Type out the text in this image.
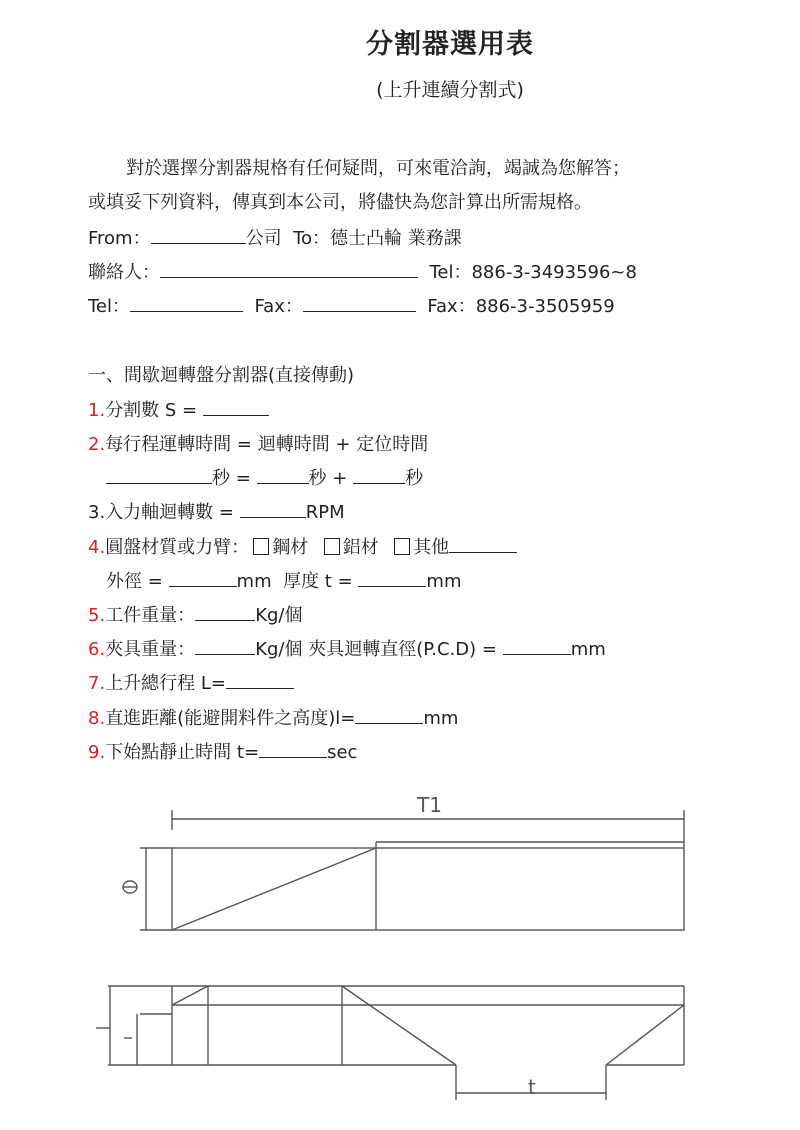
分割器選用表
(上升連續分割式)
對於選擇分割器規格有任何疑問，可來電洽詢，竭誠為您解答；
或填妥下列資料，傳真到本公司，將儘快為您計算出所需規格。
From：	公司 To：德士凸輪 業務課
聯絡人：	Tel：886-3-3493596~8
Tel：	Fax：	Fax：886-3-3505959
一、間歇迴轉盤分割器(直接傳動)
1.分割數 S =
2.每行程運轉時間 = 迴轉時間 + 定位時間
秒 =	秒 +	秒
3.入力軸迴轉數 =	RPM
4.圓盤材質或力臂： 鋼材 鋁材 其他
外徑 =	mm 厚度 t =	mm
5.工件重量：	Kg/個
6.夾具重量：	Kg/個 夾具迴轉直徑(P.C.D) =	mm
7.上升總行程 L=
8.直進距離(能避開料件之高度)l=	mm
9.下始點靜止時間 t=	sec
T1
t
